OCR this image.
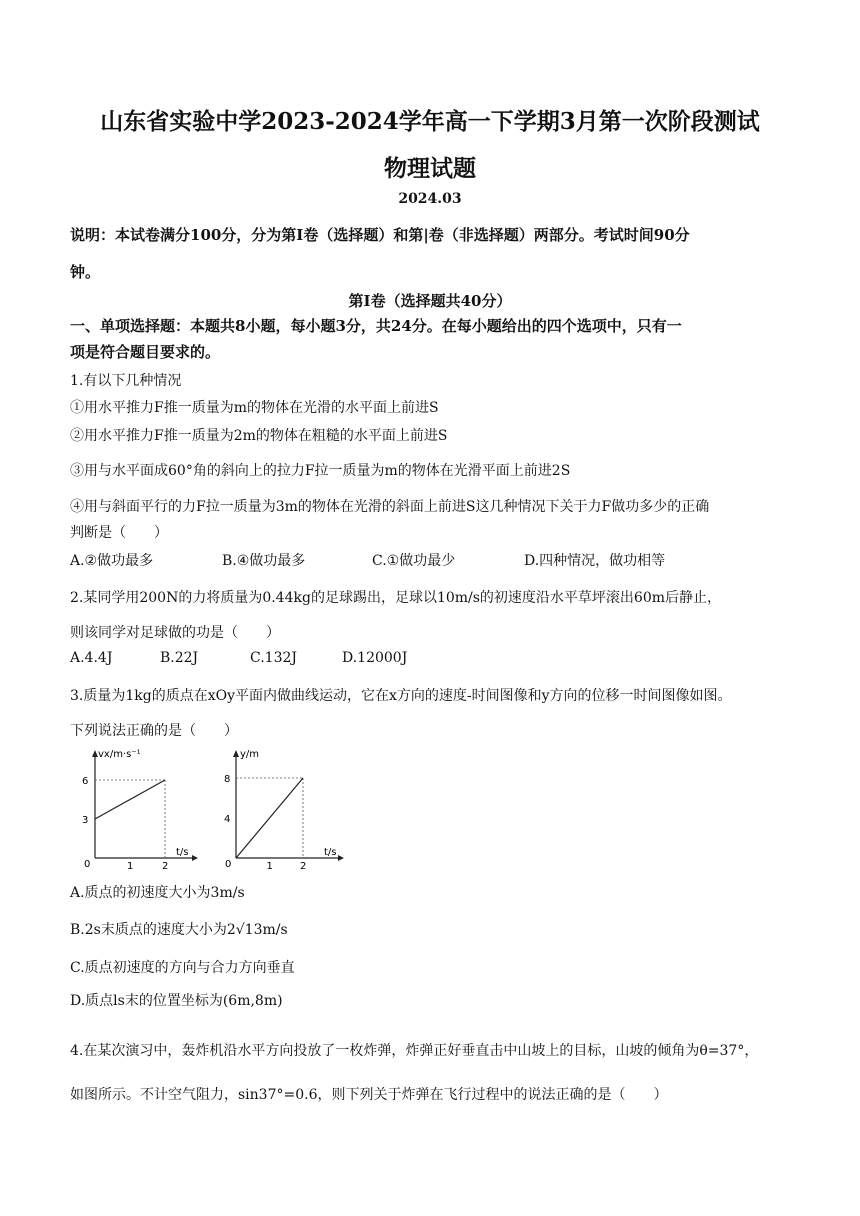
山东省实验中学2023-2024学年高一下学期3月第一次阶段测试
物理试题
2024.03
说明：本试卷满分100分，分为第I卷（选择题）和第|卷（非选择题）两部分。考试时间90分
钟。
第I卷（选择题共40分）
一、单项选择题：本题共8小题，每小题3分，共24分。在每小题给出的四个选项中，只有一
项是符合题目要求的。
1.有以下几种情况
①用水平推力F推一质量为m的物体在光滑的水平面上前进S
②用水平推力F推一质量为2m的物体在粗糙的水平面上前进S
③用与水平面成60°角的斜向上的拉力F拉一质量为m的物体在光滑平面上前进2S
④用与斜面平行的力F拉一质量为3m的物体在光滑的斜面上前进S这几种情况下关于力F做功多少的正确
判断是（　　）
A.②做功最多	B.④做功最多	C.①做功最少	D.四种情况，做功相等
2.某同学用200N的力将质量为0.44kg的足球踢出，足球以10m/s的初速度沿水平草坪滚出60m后静止，
则该同学对足球做的功是（　　）
A.4.4J	B.22J	C.132J	D.12000J
3.质量为1kg的质点在xOy平面内做曲线运动，它在x方向的速度-时间图像和y方向的位移一时间图像如图。
下列说法正确的是（　　）
vx/m·s⁻¹
t/s
3
6
0	1	2
y/m
t/s
4
8
0	1	2
A.质点的初速度大小为3m/s
B.2s末质点的速度大小为2√13m/s
C.质点初速度的方向与合力方向垂直
D.质点ls末的位置坐标为(6m,8m)
4.在某次演习中，轰炸机沿水平方向投放了一枚炸弹，炸弹正好垂直击中山坡上的目标，山坡的倾角为θ=37°，
如图所示。不计空气阻力，sin37°=0.6，则下列关于炸弹在飞行过程中的说法正确的是（　　）
